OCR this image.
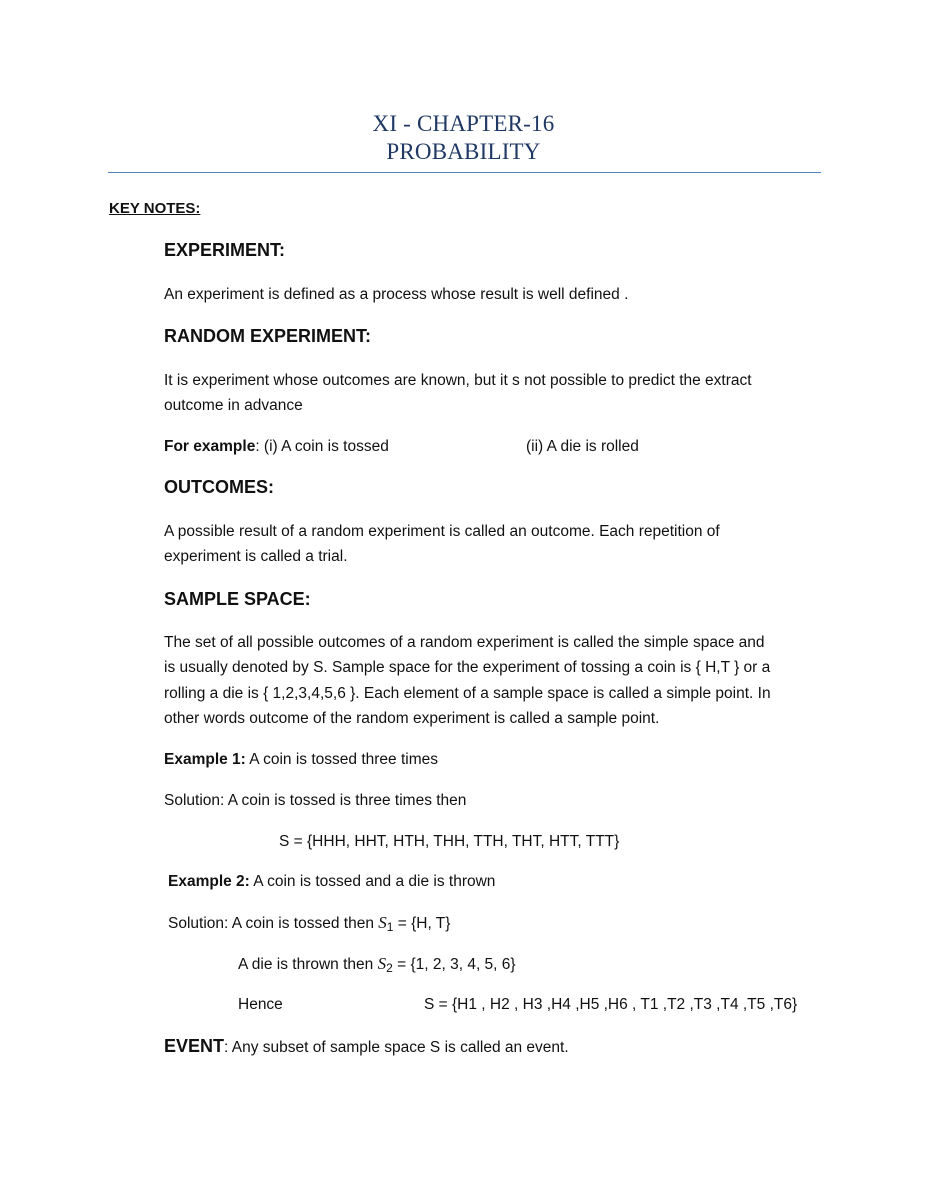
XI - CHAPTER-16
PROBABILITY
KEY NOTES:
EXPERIMENT:
An experiment is defined as a process whose result is well defined .
RANDOM EXPERIMENT:
It is experiment whose outcomes are known, but it s not possible to predict the extract
outcome in advance
For example: (i) A coin is tossed	(ii) A die is rolled
OUTCOMES:
A possible result of a random experiment is called an outcome. Each repetition of
experiment is called a trial.
SAMPLE SPACE:
The set of all possible outcomes of a random experiment is called the simple space and
is usually denoted by S. Sample space for the experiment of tossing a coin is { H,T } or a
rolling a die is { 1,2,3,4,5,6 }. Each element of a sample space is called a simple point. In
other words outcome of the random experiment is called a sample point.
Example 1: A coin is tossed three times
Solution: A coin is tossed is three times then
S = {HHH, HHT, HTH, THH, TTH, THT, HTT, TTT}
Example 2: A coin is tossed and a die is thrown
Solution: A coin is tossed then $S_1 = \{H$, T}
A die is thrown then $S_2 = \{1$, 2, 3, 4, 5, 6}
Hence	S = {H1 , H2 , H3 ,H4 ,H5 ,H6 , T1 ,T2 ,T3 ,T4 ,T5 ,T6}
EVENT: Any subset of sample space S is called an event.
